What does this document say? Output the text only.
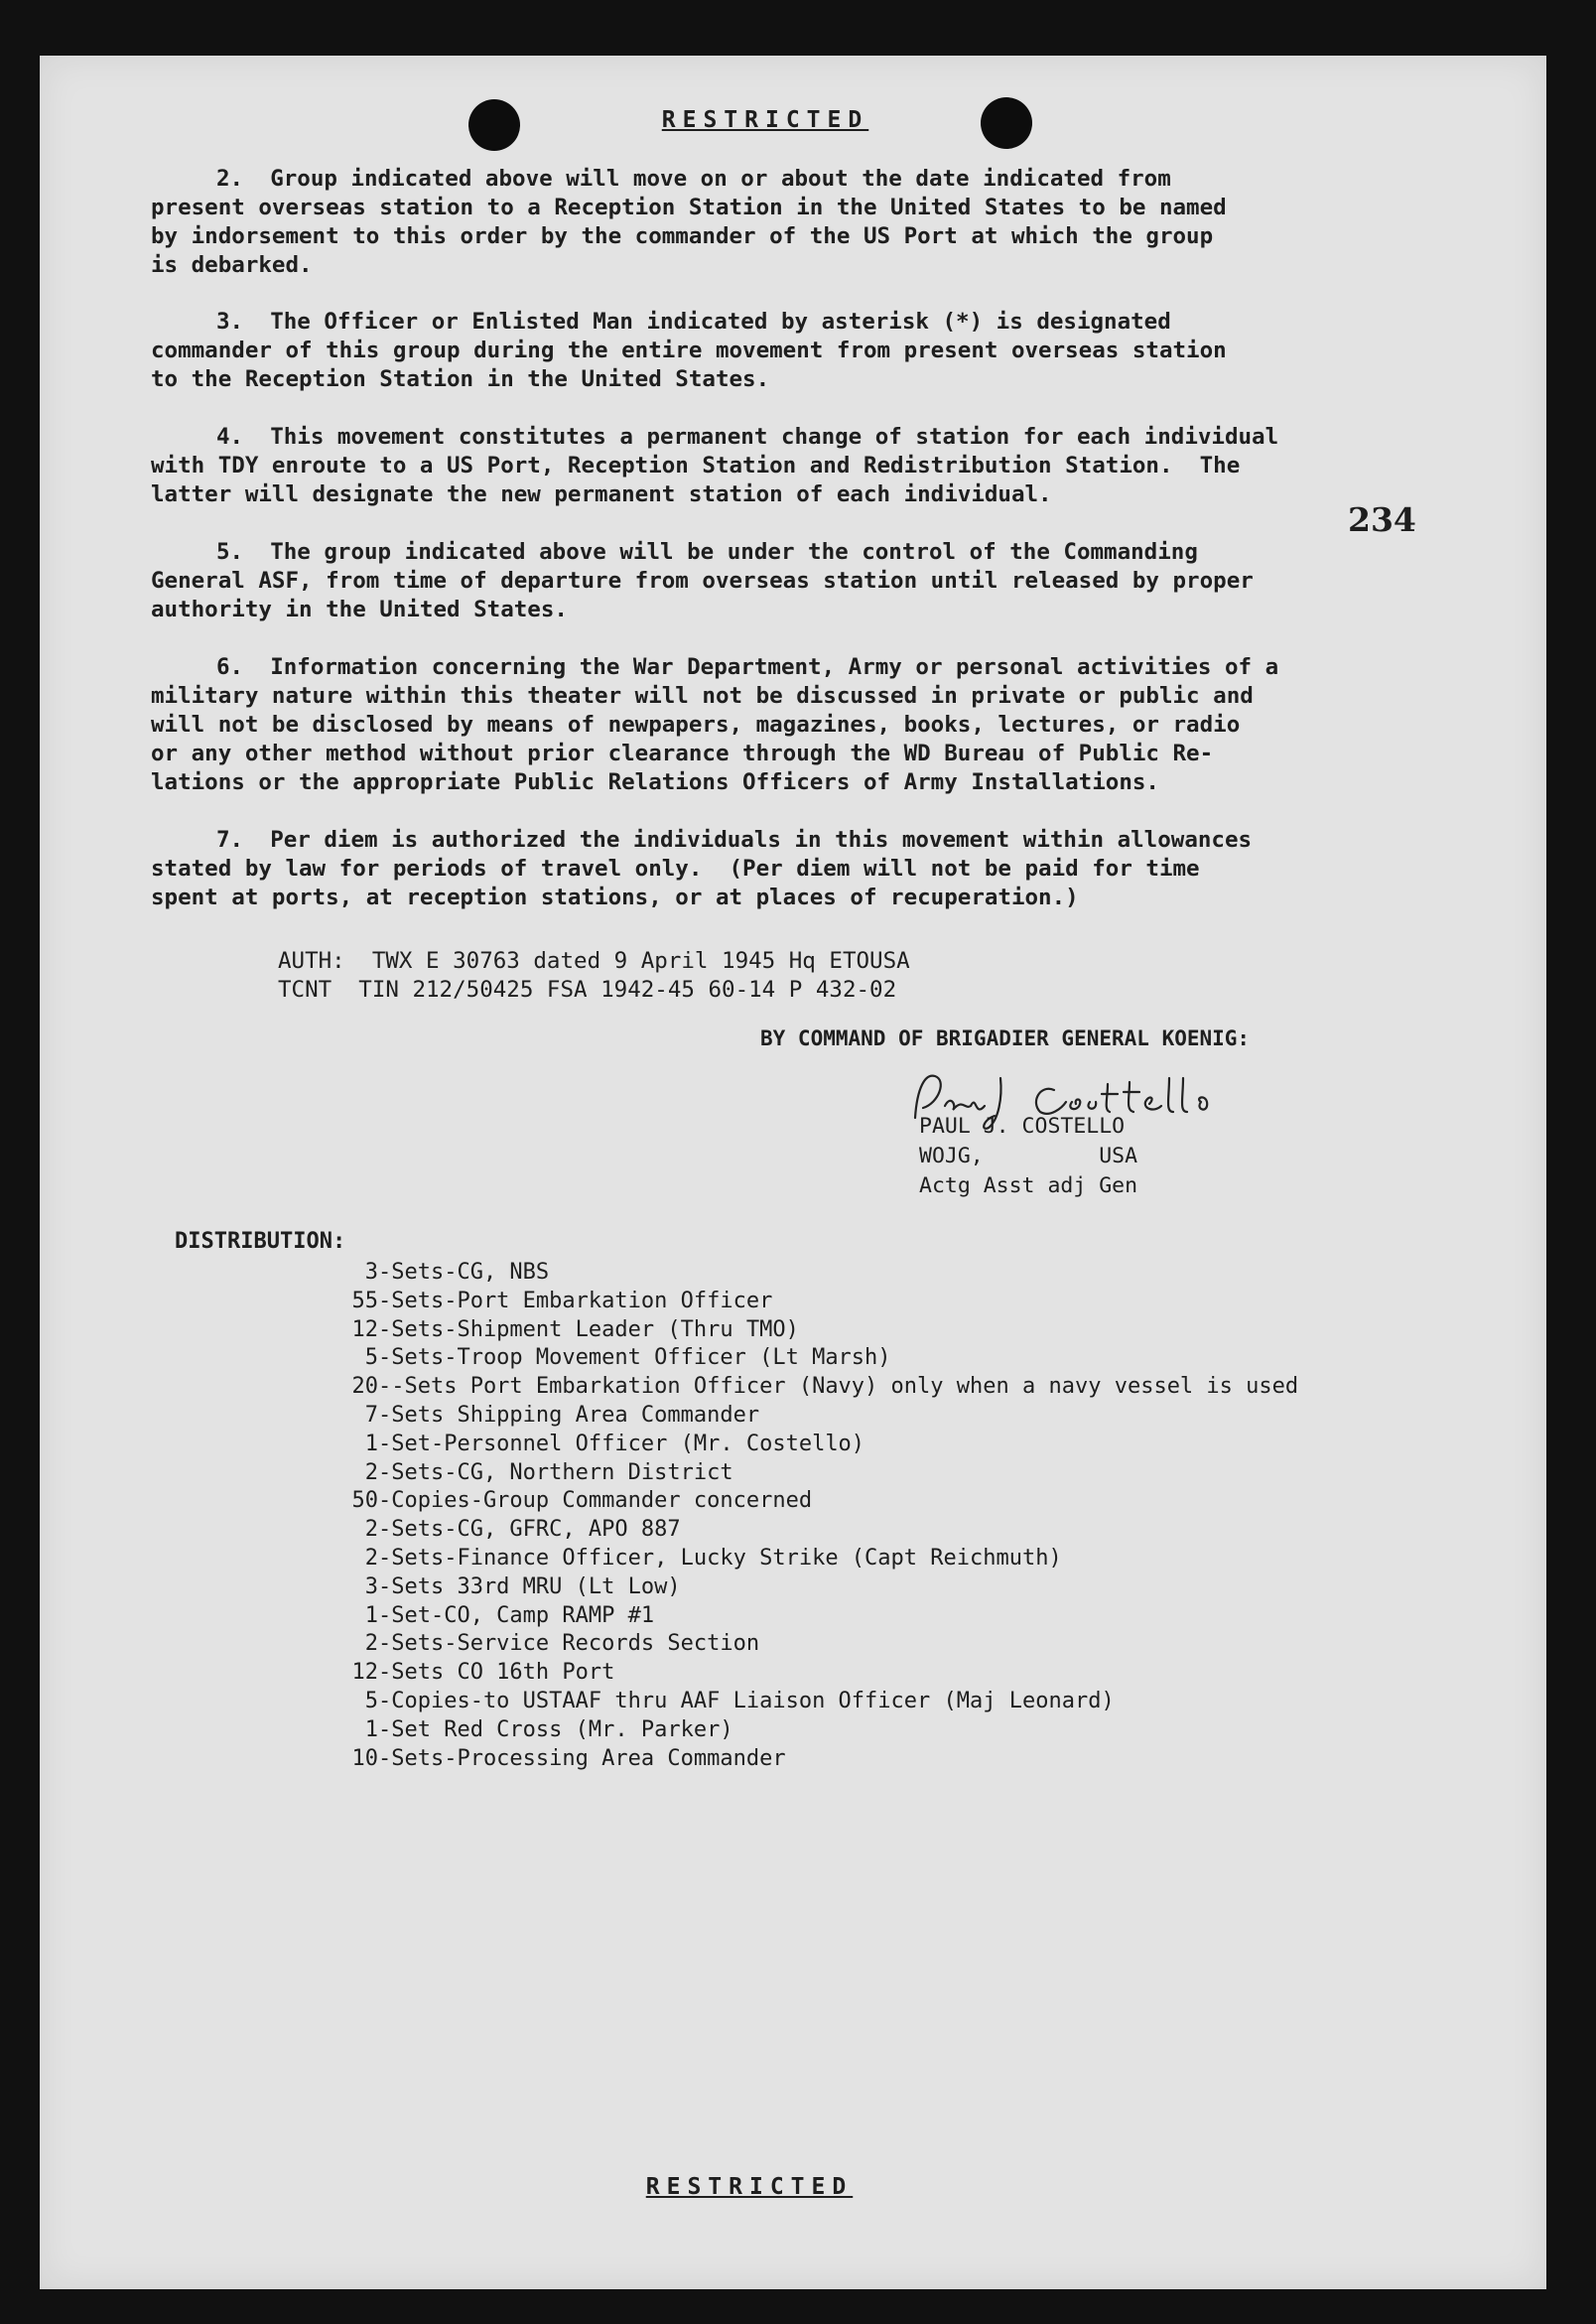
RESTRICTED
2. Group indicated above will move on or about the date indicated from
present overseas station to a Reception Station in the United States to be named
by indorsement to this order by the commander of the US Port at which the group
is debarked.
3. The Officer or Enlisted Man indicated by asterisk (*) is designated
commander of this group during the entire movement from present overseas station
to the Reception Station in the United States.
4. This movement constitutes a permanent change of station for each individual
with TDY enroute to a US Port, Reception Station and Redistribution Station.  The
latter will designate the new permanent station of each individual.
234
5. The group indicated above will be under the control of the Commanding
General ASF, from time of departure from overseas station until released by proper
authority in the United States.
6. Information concerning the War Department, Army or personal activities of a
military nature within this theater will not be discussed in private or public and
will not be disclosed by means of newpapers, magazines, books, lectures, or radio
or any other method without prior clearance through the WD Bureau of Public Re-
lations or the appropriate Public Relations Officers of Army Installations.
7. Per diem is authorized the individuals in this movement within allowances
stated by law for periods of travel only.  (Per diem will not be paid for time
spent at ports, at reception stations, or at places of recuperation.)
AUTH: TWX E 30763 dated 9 April 1945 Hq ETOUSA
TCNT TIN 212/50425 FSA 1942-45 60-14 P 432-02
BY COMMAND OF BRIGADIER GENERAL KOENIG:
PAUL J. COSTELLO
WOJG,         USA
Actg Asst adj Gen
DISTRIBUTION:
3-Sets-CG, NBS
55-Sets-Port Embarkation Officer
12-Sets-Shipment Leader (Thru TMO)
5-Sets-Troop Movement Officer (Lt Marsh)
20--Sets Port Embarkation Officer (Navy) only when a navy vessel is used
7-Sets Shipping Area Commander
1-Set-Personnel Officer (Mr. Costello)
2-Sets-CG, Northern District
50-Copies-Group Commander concerned
2-Sets-CG, GFRC, APO 887
2-Sets-Finance Officer, Lucky Strike (Capt Reichmuth)
3-Sets 33rd MRU (Lt Low)
1-Set-CO, Camp RAMP #1
2-Sets-Service Records Section
12-Sets CO 16th Port
5-Copies-to USTAAF thru AAF Liaison Officer (Maj Leonard)
1-Set Red Cross (Mr. Parker)
10-Sets-Processing Area Commander
RESTRICTED
